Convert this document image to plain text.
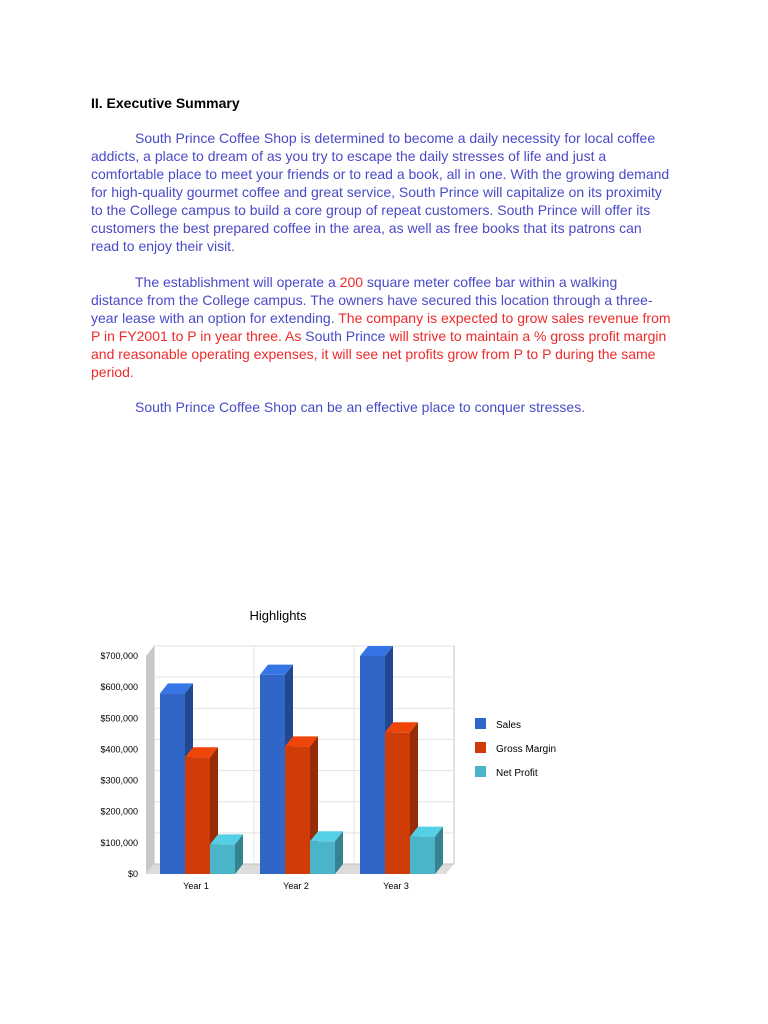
II. Executive Summary

South Prince Coffee Shop is determined to become a daily necessity for local coffee addicts, a place to dream of as you try to escape the daily stresses of life and just a comfortable place to meet your friends or to read a book, all in one. With the growing demand for high-quality gourmet coffee and great service, South Prince will capitalize on its proximity to the College campus to build a core group of repeat customers. South Prince will offer its customers the best prepared coffee in the area, as well as free books that its patrons can read to enjoy their visit.

The establishment will operate a 200 square meter coffee bar within a walking distance from the College campus. The owners have secured this location through a three-year lease with an option for extending. The company is expected to grow sales revenue from P in FY2001 to P in year three. As South Prince will strive to maintain a % gross profit margin and reasonable operating expenses, it will see net profits grow from P to P during the same period.

South Prince Coffee Shop can be an effective place to conquer stresses.

Highlights
$0
$100,000
$200,000
$300,000
$400,000
$500,000
$600,000
$700,000
Year 1	Year 2	Year 3
Sales
Gross Margin
Net Profit
